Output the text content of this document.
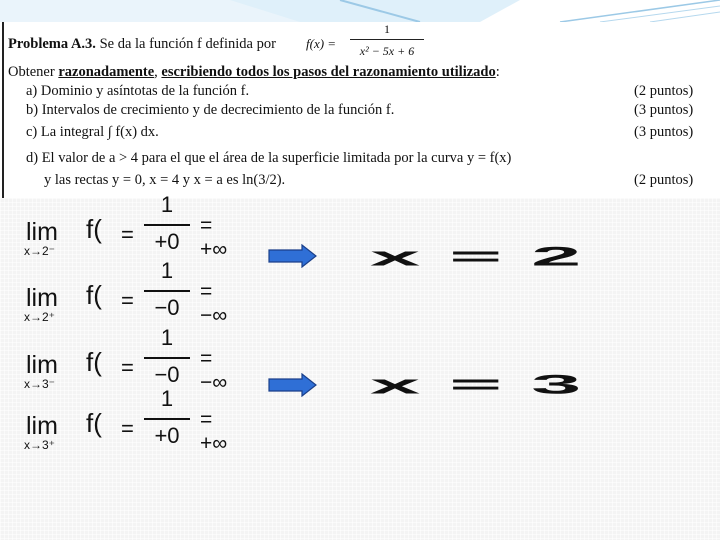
Problema A.3. Se da la función f definida por f(x) =
1
x² − 5x + 6
Obtener razonadamente, escribiendo todos los pasos del razonamiento utilizado:
a) Dominio y asíntotas de la función f.	(2 puntos)
b) Intervalos de crecimiento y de decrecimiento de la función f.	(3 puntos)
c) La integral ∫ f(x) dx.	(3 puntos)
d) El valor de a > 4 para el que el área de la superficie limitada por la curva y = f(x)
y las rectas y = 0, x = 4 y x = a es ln(3/2).	(2 puntos)
lim
x→2⁻
f( =
1
+0
= +∞
lim
x→2⁺
f( =
1
−0
= −∞
lim
x→3⁻
f( =
1
−0
= −∞
lim
x→3⁺
f( =
1
+0
= +∞
x = 2
x = 3
